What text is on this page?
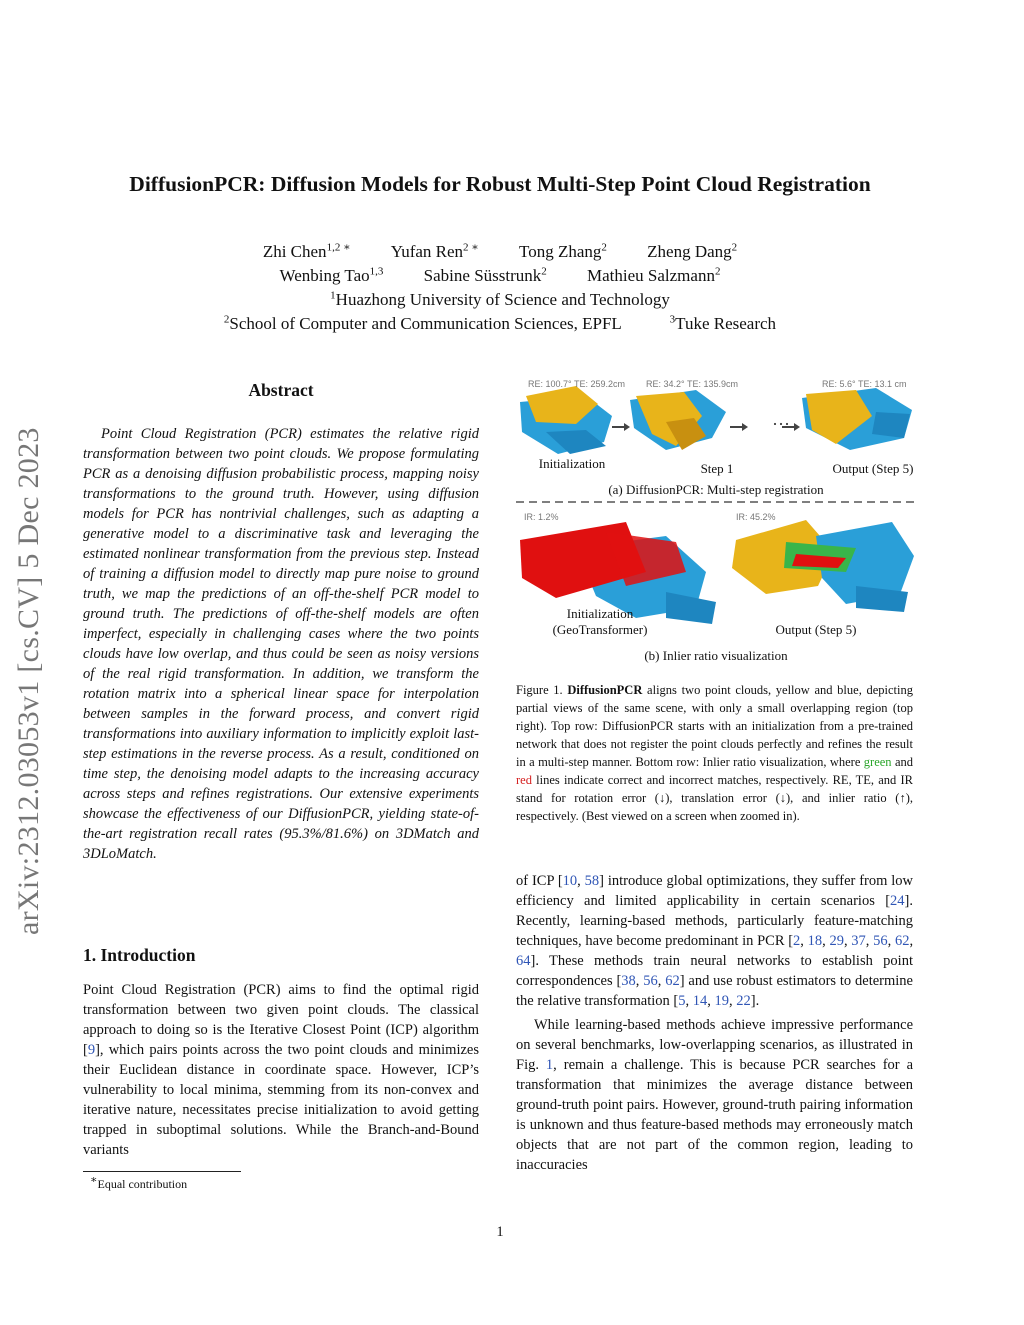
DiffusionPCR: Diffusion Models for Robust Multi-Step Point Cloud Registration
Zhi Chen$^{1,2 ∗}$ Yufan Ren$^{2 ∗}$ Tong Zhang$^2$ Zheng Dang$^2$
Wenbing Tao$^{1,3}$ Sabine Süsstrunk$^2$ Mathieu Salzmann$^2$
$^1$Huazhong University of Science and Technology
$^2$School of Computer and Communication Sciences, EPFL	$^3$Tuke Research
arXiv:2312.03053v1 [cs.CV] 5 Dec 2023
Abstract
Point Cloud Registration (PCR) estimates the relative rigid transformation between two point clouds. We propose formulating PCR as a denoising diffusion probabilistic process, mapping noisy transformations to the ground truth. However, using diffusion models for PCR has nontrivial challenges, such as adapting a generative model to a discriminative task and leveraging the estimated nonlinear transformation from the previous step. Instead of training a diffusion model to directly map pure noise to ground truth, we map the predictions of an off-the-shelf PCR model to ground truth. The predictions of off-the-shelf models are often imperfect, especially in challenging cases where the two points clouds have low overlap, and thus could be seen as noisy versions of the real rigid transformation. In addition, we transform the rotation matrix into a spherical linear space for interpolation between samples in the forward process, and convert rigid transformations into auxiliary information to implicitly exploit last-step estimations in the reverse process. As a result, conditioned on time step, the denoising model adapts to the increasing accuracy across steps and refines registrations. Our extensive experiments showcase the effectiveness of our DiffusionPCR, yielding state-of-the-art registration recall rates (95.3%/81.6%) on 3DMatch and 3DLoMatch.
1. Introduction
Point Cloud Registration (PCR) aims to find the optimal rigid transformation between two given point clouds. The classical approach to doing so is the Iterative Closest Point (ICP) algorithm [9], which pairs points across the two point clouds and minimizes their Euclidean distance in coordinate space. However, ICP’s vulnerability to local minima, stemming from its non-convex and iterative nature, necessitates precise initialization to avoid getting trapped in suboptimal solutions. While the Branch-and-Bound variants
∗Equal contribution
···
RE: 100.7° TE: 259.2cm RE: 34.2° TE: 135.9cm	RE: 5.6° TE: 13.1 cm
Initialization	Step 1	Output (Step 5)
(a) DiffusionPCR: Multi-step registration
IR: 1.2%	IR: 45.2%
Initialization
(GeoTransformer)	Output (Step 5)
(b) Inlier ratio visualization
Figure 1. DiffusionPCR aligns two point clouds, yellow and blue, depicting partial views of the same scene, with only a small overlapping region (top right). Top row: DiffusionPCR starts with an initialization from a pre-trained network that does not register the point clouds perfectly and refines the result in a multi-step manner. Bottom row: Inlier ratio visualization, where green and red lines indicate correct and incorrect matches, respectively. RE, TE, and IR stand for rotation error (↓), translation error (↓), and inlier ratio (↑), respectively. (Best viewed on a screen when zoomed in).

of ICP [10, 58] introduce global optimizations, they suffer from low efficiency and limited applicability in certain scenarios [24]. Recently, learning-based methods, particularly feature-matching techniques, have become predominant in PCR [2, 18, 29, 37, 56, 62, 64]. These methods train neural networks to establish point correspondences [38, 56, 62] and use robust estimators to determine the relative transformation [5, 14, 19, 22].

While learning-based methods achieve impressive performance on several benchmarks, low-overlapping scenarios, as illustrated in Fig. 1, remain a challenge. This is because PCR searches for a transformation that minimizes the average distance between ground-truth point pairs. However, ground-truth pairing information is unknown and thus feature-based methods may erroneously match objects that are not part of the common region, leading to inaccuracies

1
